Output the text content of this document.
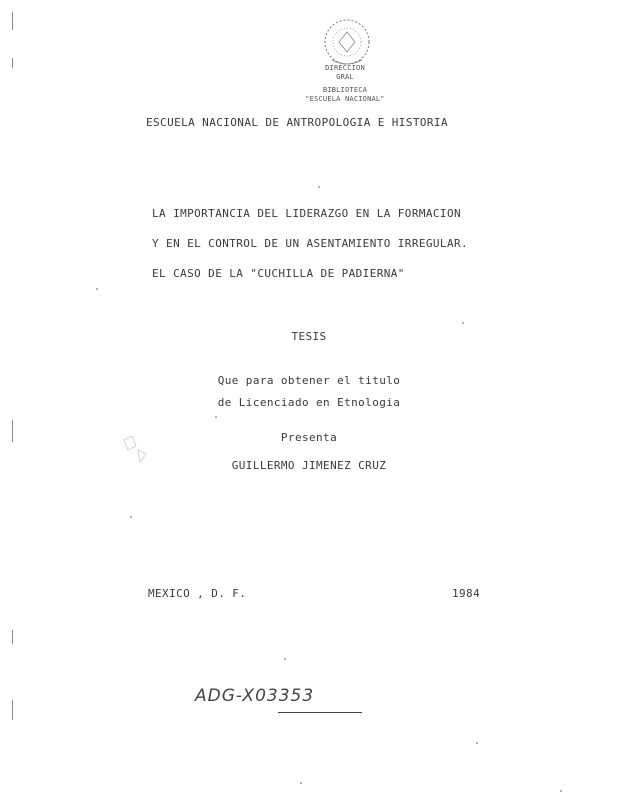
DIRECCION
GRAL
BIBLIOTECA
"ESCUELA NACIONAL"
ESCUELA NACIONAL DE ANTROPOLOGIA E HISTORIA
LA IMPORTANCIA DEL LIDERAZGO EN LA FORMACION
Y EN EL CONTROL DE UN ASENTAMIENTO IRREGULAR.
EL CASO DE LA "CUCHILLA DE PADIERNA"
TESIS
Que para obtener el titulo
de Licenciado en Etnologia
Presenta
GUILLERMO JIMENEZ CRUZ
MEXICO , D. F.	1984
ADG-X03353
